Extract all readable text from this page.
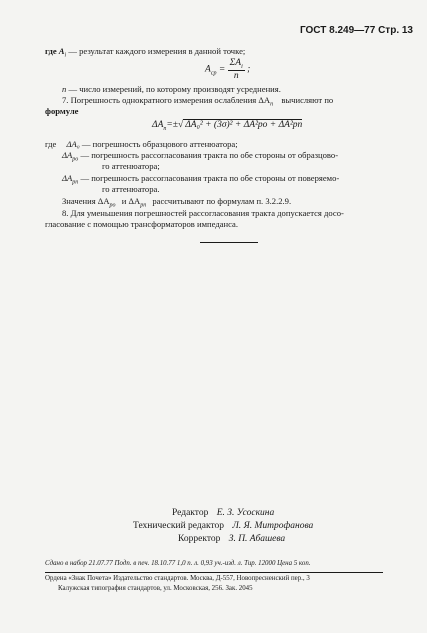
ГОСТ 8.249—77 Стр. 13
где $A_i$ — результат каждого измерения в данной точке;
$A_{ср} = \frac{\Sigma A_i}{n}$ ;
n — число измерений, по которому производят усреднения.
7. Погрешность однократного измерения ослабления $\Delta A_п$ вычисляют по
формуле
$\Delta A_п=\pm√$ ΔA₀² + (3σ)² + ΔA²ро + ΔA²рп
где ΔA₀ — погрешность образцового аттенюатора;
$\Delta A_{ро}$ — погрешность рассогласования тракта по обе стороны от образцово-
го аттенюатора;
$\Delta A_{рп}$ — погрешность рассогласования тракта по обе стороны от поверяемо-
го аттенюатора.
Значения $\Delta A_{ро}$ и $\Delta A_{рп}$ рассчитывают по формулам п. 3.2.2.9.
8. Для уменьшения погрешностей рассогласования тракта допускается досо-
гласование с помощью трансформаторов импеданса.
Редактор Е. З. Усоскина
Технический редактор Л. Я. Митрофанова
Корректор З. П. Абашева
Сдано в набор 21.07.77 Подп. в печ. 18.10.77 1,0 п. л. 0,93 уч.-изд. л. Тир. 12000 Цена 5 коп.
Ордена «Знак Почета» Издательство стандартов. Москва, Д-557, Новопресненский пер., 3
Калужская типография стандартов, ул. Московская, 256. Зак. 2045
